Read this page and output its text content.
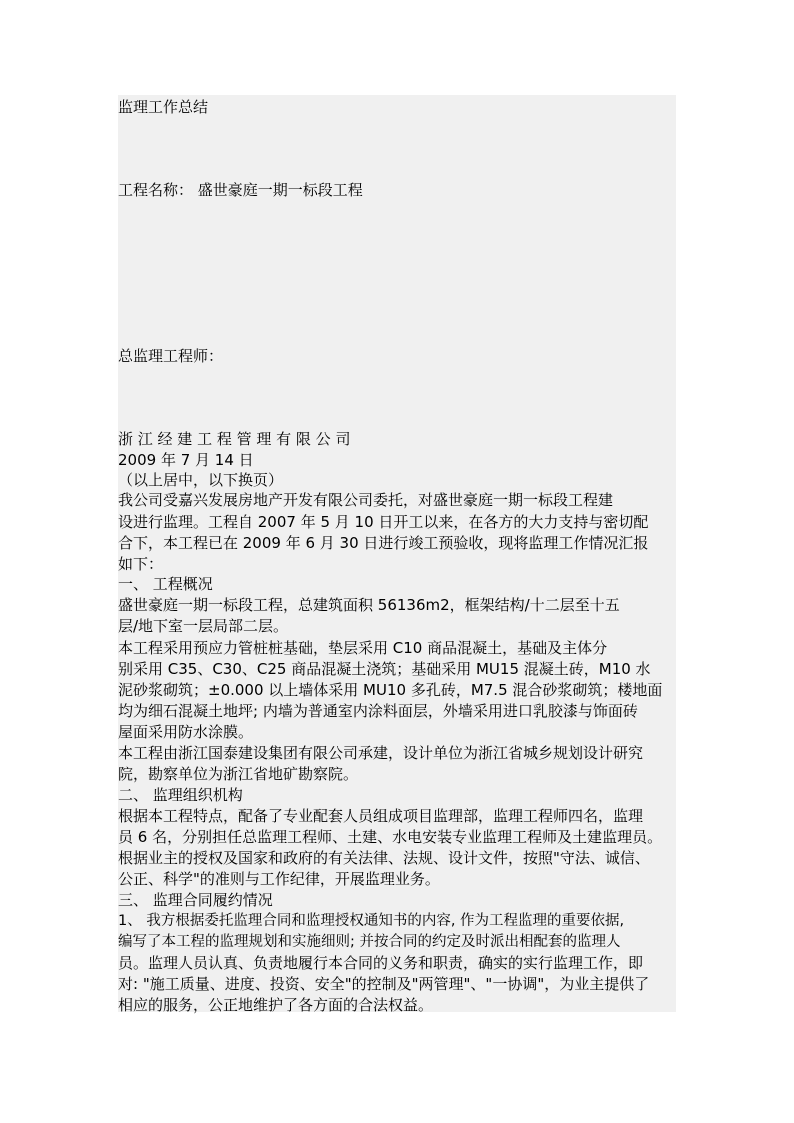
监理工作总结
工程名称： 盛世豪庭一期一标段工程
总监理工程师：
浙 江 经 建 工 程 管 理 有 限 公 司
2009 年 7 月 14 日
（以上居中，以下换页）
我公司受嘉兴发展房地产开发有限公司委托，对盛世豪庭一期一标段工程建
设进行监理。工程自 2007 年 5 月 10 日开工以来，在各方的大力支持与密切配
合下，本工程已在 2009 年 6 月 30 日进行竣工预验收，现将监理工作情况汇报
如下：
一、 工程概况
盛世豪庭一期一标段工程，总建筑面积 56136m2，框架结构/十二层至十五
层/地下室一层局部二层。
本工程采用预应力管桩桩基础，垫层采用 C10 商品混凝土，基础及主体分
别采用 C35、C30、C25 商品混凝土浇筑；基础采用 MU15 混凝土砖，M10 水
泥砂浆砌筑；±0.000 以上墙体采用 MU10 多孔砖，M7.5 混合砂浆砌筑；楼地面
均为细石混凝土地坪; 内墙为普通室内涂料面层，外墙采用进口乳胶漆与饰面砖
屋面采用防水涂膜。
本工程由浙江国泰建设集团有限公司承建，设计单位为浙江省城乡规划设计研究
院，勘察单位为浙江省地矿勘察院。
二、 监理组织机构
根据本工程特点，配备了专业配套人员组成项目监理部，监理工程师四名，监理
员 6 名，分别担任总监理工程师、土建、水电安装专业监理工程师及土建监理员。
根据业主的授权及国家和政府的有关法律、法规、设计文件，按照"守法、诚信、
公正、科学"的准则与工作纪律，开展监理业务。
三、 监理合同履约情况
1、 我方根据委托监理合同和监理授权通知书的内容, 作为工程监理的重要依据,
编写了本工程的监理规划和实施细则; 并按合同的约定及时派出相配套的监理人
员。监理人员认真、负责地履行本合同的义务和职责，确实的实行监理工作，即
对: "施工质量、进度、投资、安全"的控制及"两管理"、"一协调"，为业主提供了
相应的服务，公正地维护了各方面的合法权益。
